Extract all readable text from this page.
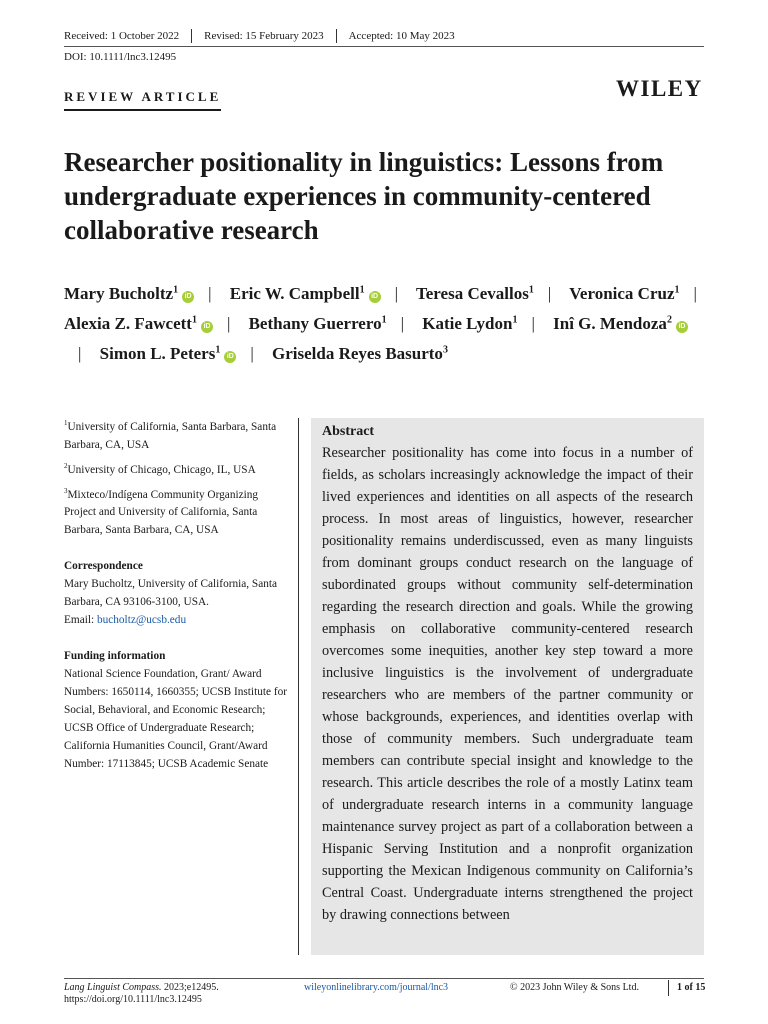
Received: 1 October 2022	Revised: 15 February 2023	Accepted: 10 May 2023
DOI: 10.1111/lnc3.12495
REVIEW ARTICLE	WILEY
Researcher positionality in linguistics: Lessons from undergraduate experiences in community-centered collaborative research
Mary Bucholtz$^1$iD | Eric W. Campbell$^1$iD | Teresa Cevallos$^1$ | Veronica Cruz$^1$ | Alexia Z. Fawcett$^1$iD | Bethany Guerrero$^1$ | Katie Lydon$^1$ | Inî G. Mendoza$^2$iD| Simon L. Peters$^1$iD | Griselda Reyes Basurto$^3$
$^1$University of California, Santa Barbara, Santa Barbara, CA, USA
$^2$University of Chicago, Chicago, IL, USA
$^3$Mixteco/Indígena Community Organizing Project and University of California, Santa Barbara, Santa Barbara, CA, USA
Correspondence
Mary Bucholtz, University of California, Santa Barbara, CA 93106-3100, USA.
Email: bucholtz@ucsb.edu
Funding information
National Science Foundation, Grant/ Award Numbers: 1650114, 1660355; UCSB Institute for Social, Behavioral, and Economic Research; UCSB Office of Undergraduate Research; California Humanities Council, Grant/Award Number: 17113845; UCSB Academic Senate
Abstract

Researcher positionality has come into focus in a number of fields, as scholars increasingly acknowledge the impact of their lived experiences and identities on all aspects of the research process. In most areas of linguistics, however, researcher positionality remains underdiscussed, even as many linguists from dominant groups conduct research on the language of subordinated groups without community self-determination regarding the research direction and goals. While the growing emphasis on collaborative community-centered research overcomes some inequities, another key step toward a more inclusive linguistics is the involvement of undergraduate researchers who are members of the partner community or whose backgrounds, experiences, and identities overlap with those of community members. Such undergraduate team members can contribute special insight and knowledge to the research. This article describes the role of a mostly Latinx team of undergraduate research interns in a community language maintenance survey project as part of a collaboration between a Hispanic Serving Institution and a nonprofit organization supporting the Mexican Indigenous community on California’s Central Coast. Undergraduate interns strengthened the project by drawing connections between

Lang Linguist Compass. 2023;e12495.
https://doi.org/10.1111/lnc3.12495
wileyonlinelibrary.com/journal/lnc3	© 2023 John Wiley & Sons Ltd.	1 of 15
